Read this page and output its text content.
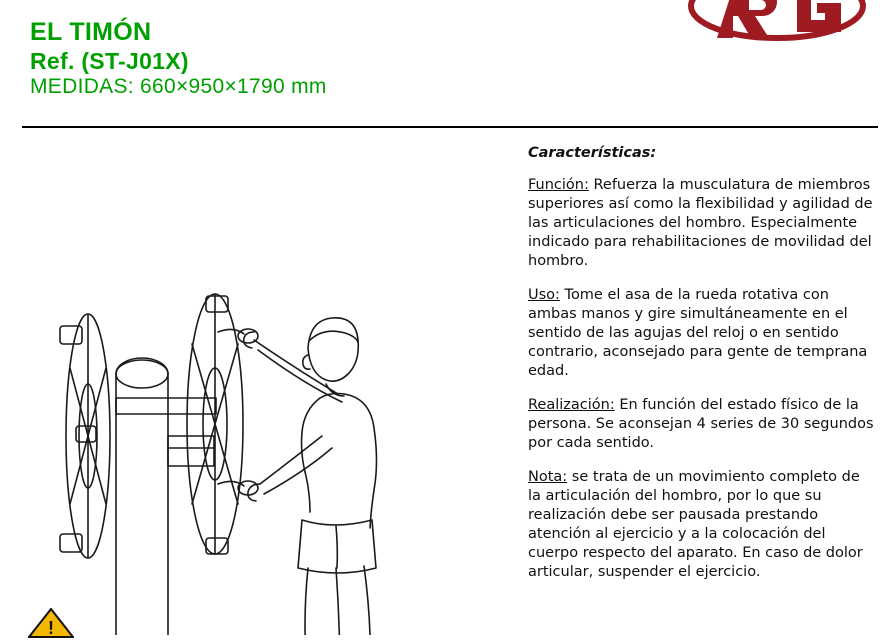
EL TIMÓN
Ref. (ST-J01X)
MEDIDAS: 660×950×1790 mm
!
Características:

Función: Refuerza la musculatura de miembros superiores así como la flexibilidad y agilidad de las articulaciones del hombro. Especialmente indicado para rehabilitaciones de movilidad del hombro.

Uso: Tome el asa de la rueda rotativa con ambas manos y gire simultáneamente en el sentido de las agujas del reloj o en sentido contrario, aconsejado para gente de temprana edad.

Realización: En función del estado físico de la persona. Se aconsejan 4 series de 30 segundos por cada sentido.

Nota: se trata de un movimiento completo de la articulación del hombro, por lo que su realización debe ser pausada prestando atención al ejercicio y a la colocación del cuerpo respecto del aparato. En caso de dolor articular, suspender el ejercicio.
